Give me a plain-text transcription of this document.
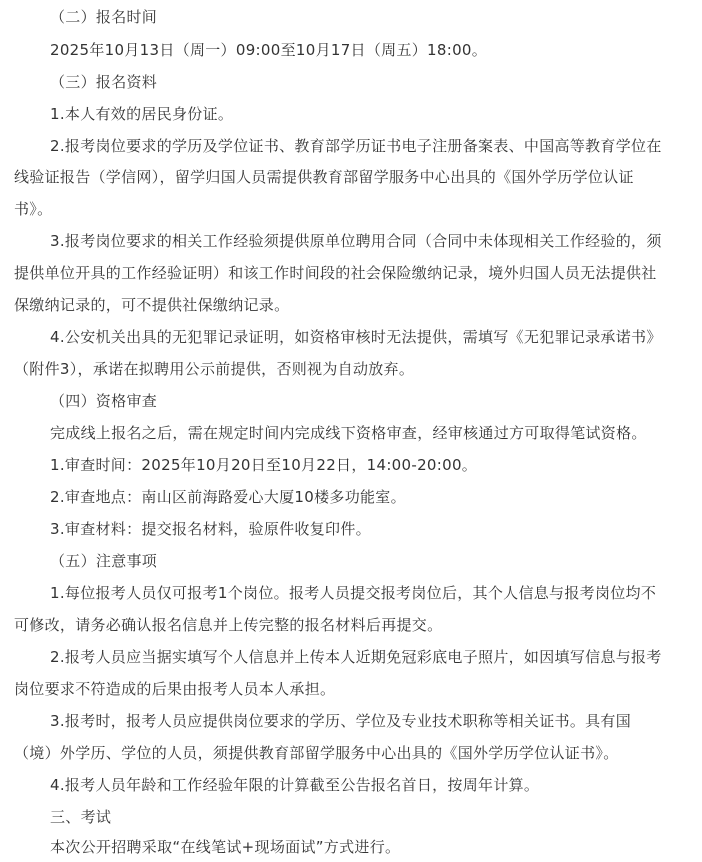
（二）报名时间
2025年10月13日（周一）09:00至10月17日（周五）18:00。
（三）报名资料
1.本人有效的居民身份证。
2.报考岗位要求的学历及学位证书、教育部学历证书电子注册备案表、中国高等教育学位在
线验证报告（学信网），留学归国人员需提供教育部留学服务中心出具的《国外学历学位认证
书》。
3.报考岗位要求的相关工作经验须提供原单位聘用合同（合同中未体现相关工作经验的，须
提供单位开具的工作经验证明）和该工作时间段的社会保险缴纳记录，境外归国人员无法提供社
保缴纳记录的，可不提供社保缴纳记录。
4.公安机关出具的无犯罪记录证明，如资格审核时无法提供，需填写《无犯罪记录承诺书》
（附件3），承诺在拟聘用公示前提供，否则视为自动放弃。
（四）资格审查
完成线上报名之后，需在规定时间内完成线下资格审查，经审核通过方可取得笔试资格。
1.审查时间：2025年10月20日至10月22日，14:00-20:00。
2.审查地点：南山区前海路爱心大厦10楼多功能室。
3.审查材料：提交报名材料，验原件收复印件。
（五）注意事项
1.每位报考人员仅可报考1个岗位。报考人员提交报考岗位后，其个人信息与报考岗位均不
可修改，请务必确认报名信息并上传完整的报名材料后再提交。
2.报考人员应当据实填写个人信息并上传本人近期免冠彩底电子照片，如因填写信息与报考
岗位要求不符造成的后果由报考人员本人承担。
3.报考时，报考人员应提供岗位要求的学历、学位及专业技术职称等相关证书。具有国
（境）外学历、学位的人员，须提供教育部留学服务中心出具的《国外学历学位认证书》。
4.报考人员年龄和工作经验年限的计算截至公告报名首日，按周年计算。
三、考试
本次公开招聘采取“在线笔试+现场面试”方式进行。
